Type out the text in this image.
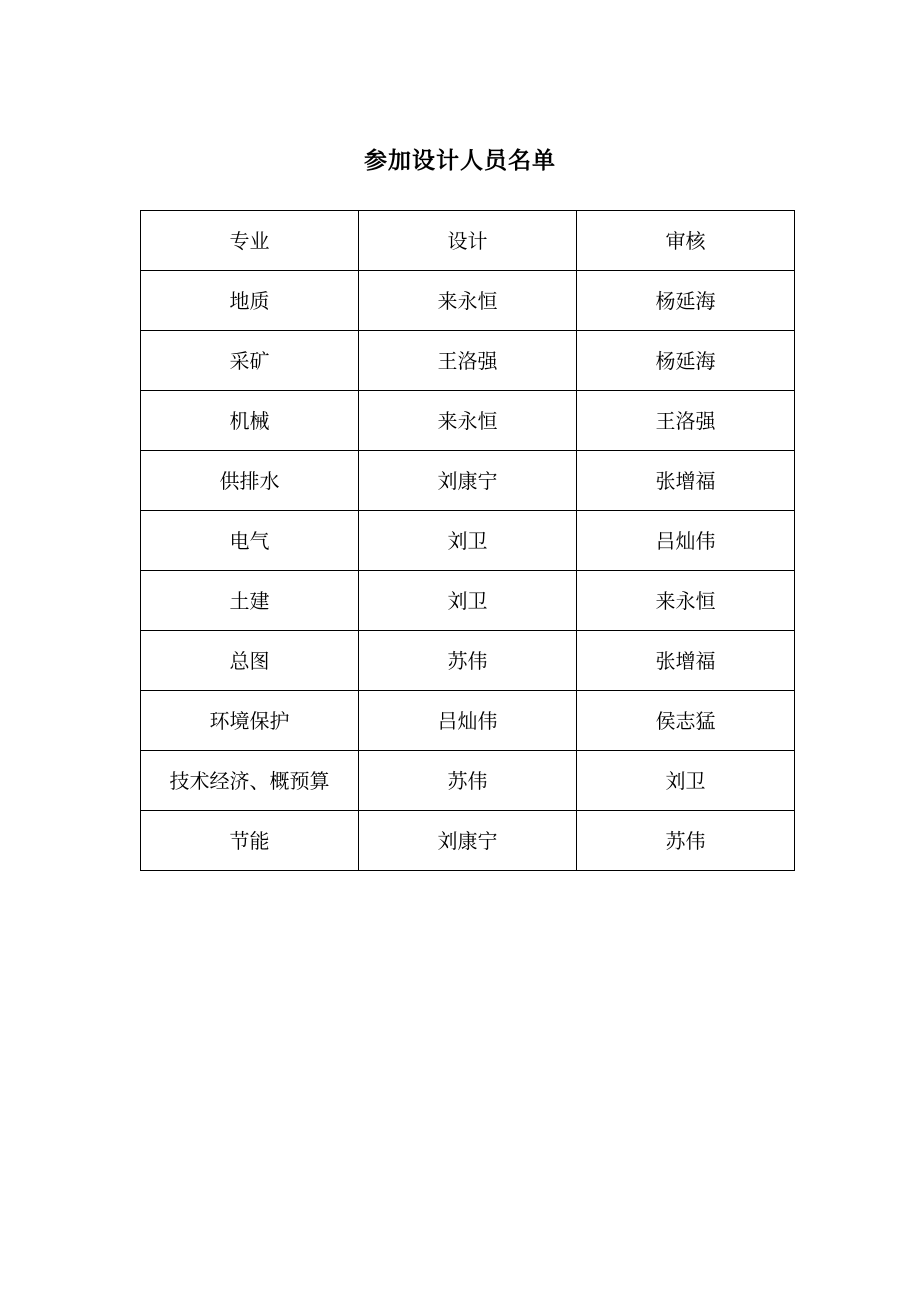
参加设计人员名单
专业	设计	审核
地质	来永恒	杨延海
采矿	王洛强	杨延海
机械	来永恒	王洛强
供排水	刘康宁	张增福
电气	刘卫	吕灿伟
土建	刘卫	来永恒
总图	苏伟	张增福
环境保护	吕灿伟	侯志猛
技术经济、概预算	苏伟	刘卫
节能	刘康宁	苏伟
